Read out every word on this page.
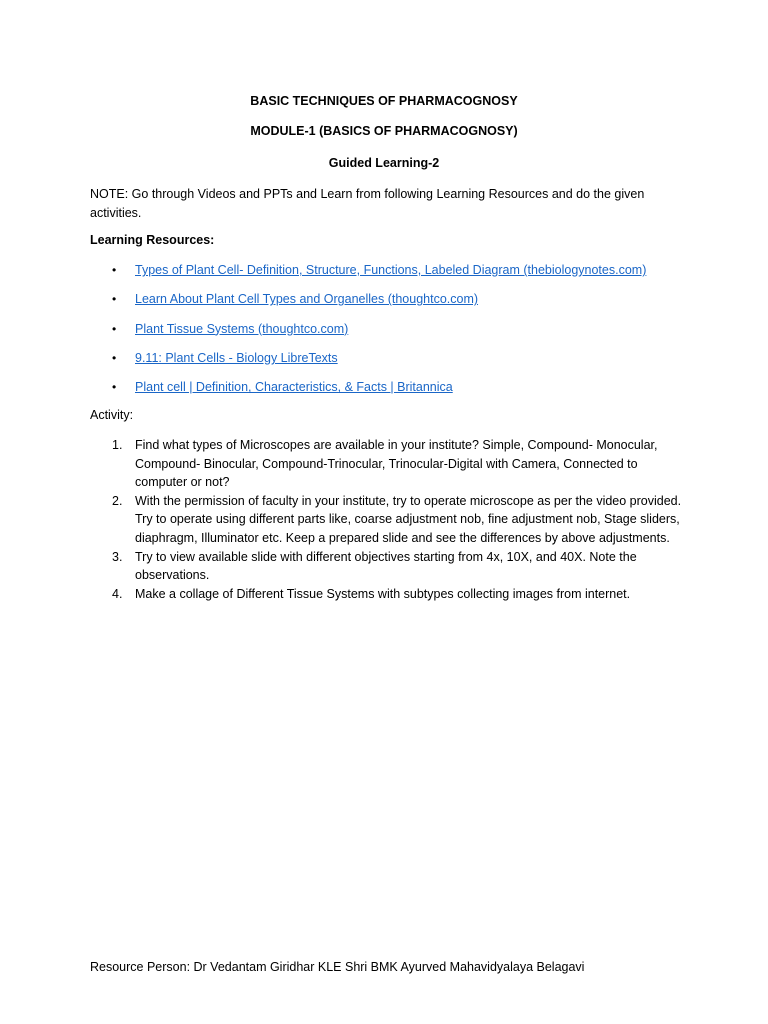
BASIC TECHNIQUES OF PHARMACOGNOSY
MODULE-1 (BASICS OF PHARMACOGNOSY)
Guided Learning-2
NOTE: Go through Videos and PPTs and Learn from following Learning Resources and do the given activities.
Learning Resources:
• Types of Plant Cell- Definition, Structure, Functions, Labeled Diagram (thebiologynotes.com)
• Learn About Plant Cell Types and Organelles (thoughtco.com)
• Plant Tissue Systems (thoughtco.com)
• 9.11: Plant Cells - Biology LibreTexts
• Plant cell | Definition, Characteristics, & Facts | Britannica
Activity:
1. Find what types of Microscopes are available in your institute? Simple, Compound- Monocular, Compound- Binocular, Compound-Trinocular, Trinocular-Digital with Camera, Connected to computer or not?
2. With the permission of faculty in your institute, try to operate microscope as per the video provided. Try to operate using different parts like, coarse adjustment nob, fine adjustment nob, Stage sliders, diaphragm, Illuminator etc. Keep a prepared slide and see the differences by above adjustments.
3. Try to view available slide with different objectives starting from 4x, 10X, and 40X. Note the observations.
4. Make a collage of Different Tissue Systems with subtypes collecting images from internet.
Resource Person: Dr Vedantam Giridhar KLE Shri BMK Ayurved Mahavidyalaya Belagavi
